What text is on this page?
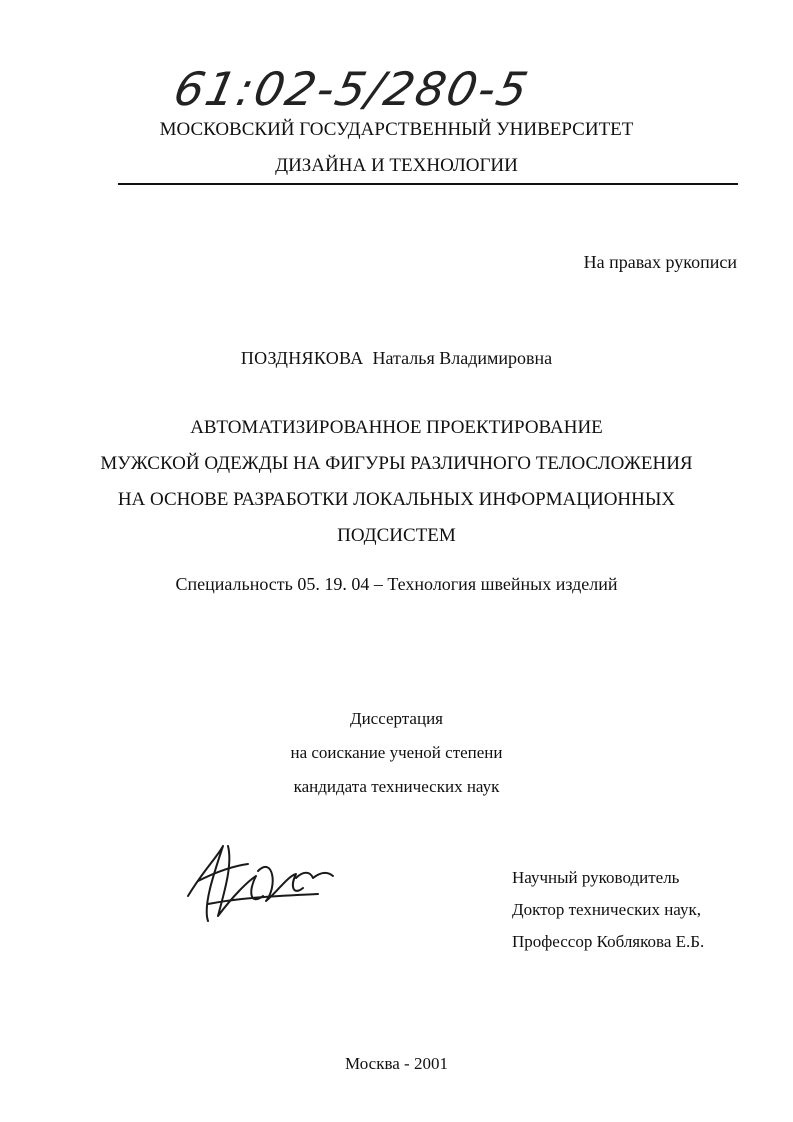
61:02-5/280-5
МОСКОВСКИЙ ГОСУДАРСТВЕННЫЙ УНИВЕРСИТЕТ
ДИЗАЙНА И ТЕХНОЛОГИИ
На правах рукописи
ПОЗДНЯКОВА Наталья Владимировна
АВТОМАТИЗИРОВАННОЕ ПРОЕКТИРОВАНИЕ
МУЖСКОЙ ОДЕЖДЫ НА ФИГУРЫ РАЗЛИЧНОГО ТЕЛОСЛОЖЕНИЯ
НА ОСНОВЕ РАЗРАБОТКИ ЛОКАЛЬНЫХ ИНФОРМАЦИОННЫХ
ПОДСИСТЕМ
Специальность 05. 19. 04 – Технология швейных изделий
Диссертация
на соискание ученой степени
кандидата технических наук
Научный руководитель
Доктор технических наук,
Профессор Коблякова Е.Б.
Москва - 2001
